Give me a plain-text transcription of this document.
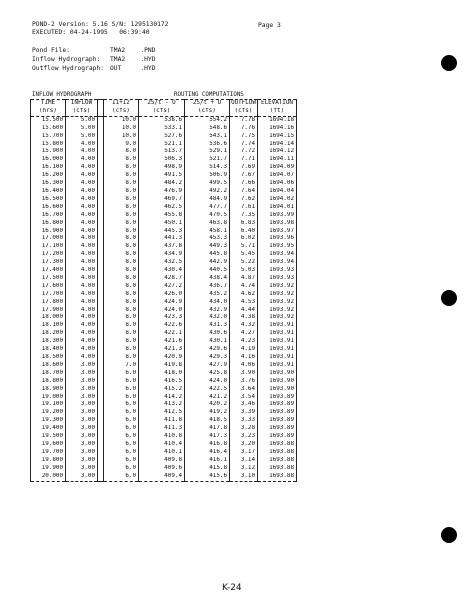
POND-2 Version: 5.16 S/N: 1295130172
EXECUTED: 04-24-1995   06:39:40
Page 3
Pond File:	TMA2    .PND
Inflow Hydrograph: TMA2    .HYD
Outflow Hydrograph: OUT     .HYD
INFLOW HYDROGRAPH	ROUTING COMPUTATIONS
TIME	INFLOW		I1+I2	2S/t - O	2S/t + O	OUTFLOW	ELEVATION
(hrs)	(cfs)		(cfs)	(cfs)	(cfs)	(cfs)	(ft)
15.500	5.00		10.0	538.6	554.2	7.78	1694.18
15.600	5.00		10.0	533.1	548.6	7.76	1694.16
15.700	5.00		10.0	527.6	543.1	7.75	1694.15
15.800	4.00		9.0	521.1	536.6	7.74	1694.14
15.900	4.00		8.0	513.7	529.1	7.72	1694.12
16.000	4.00		8.0	506.3	521.7	7.71	1694.11
16.100	4.00		8.0	498.9	514.3	7.69	1694.09
16.200	4.00		8.0	491.5	506.9	7.67	1694.07
16.300	4.00		8.0	484.2	499.5	7.66	1694.06
16.400	4.00		8.0	476.9	492.2	7.64	1694.04
16.500	4.00		8.0	469.7	484.9	7.62	1694.02
16.600	4.00		8.0	462.5	477.7	7.61	1694.01
16.700	4.00		8.0	455.8	470.5	7.35	1693.99
16.800	4.00		8.0	450.1	463.8	6.83	1693.98
16.900	4.00		8.0	445.3	458.1	6.40	1693.97
17.000	4.00		8.0	441.3	453.3	6.02	1693.96
17.100	4.00		8.0	437.8	449.3	5.71	1693.95
17.200	4.00		8.0	434.9	445.8	5.45	1693.94
17.300	4.00		8.0	432.5	442.9	5.22	1693.94
17.400	4.00		8.0	430.4	440.5	5.03	1693.93
17.500	4.00		8.0	428.7	438.4	4.87	1693.93
17.600	4.00		8.0	427.2	436.7	4.74	1693.92
17.700	4.00		8.0	426.0	435.2	4.62	1693.92
17.800	4.00		8.0	424.9	434.0	4.53	1693.92
17.900	4.00		8.0	424.0	432.9	4.44	1693.92
18.000	4.00		8.0	423.3	432.0	4.38	1693.92
18.100	4.00		8.0	422.6	431.3	4.32	1693.91
18.200	4.00		8.0	422.1	430.6	4.27	1693.91
18.300	4.00		8.0	421.6	430.1	4.23	1693.91
18.400	4.00		8.0	421.3	429.6	4.19	1693.91
18.500	4.00		8.0	420.9	429.3	4.16	1693.91
18.600	3.00		7.0	419.8	427.9	4.06	1693.91
18.700	3.00		6.0	418.0	425.8	3.90	1693.90
18.800	3.00		6.0	416.5	424.0	3.76	1693.90
18.900	3.00		6.0	415.2	422.5	3.64	1693.90
19.000	3.00		6.0	414.2	421.2	3.54	1693.89
19.100	3.00		6.0	413.2	420.2	3.46	1693.89
19.200	3.00		6.0	412.5	419.2	3.39	1693.89
19.300	3.00		6.0	411.8	418.5	3.33	1693.89
19.400	3.00		6.0	411.3	417.8	3.28	1693.89
19.500	3.00		6.0	410.8	417.3	3.23	1693.89
19.600	3.00		6.0	410.4	416.8	3.20	1693.88
19.700	3.00		6.0	410.1	416.4	3.17	1693.88
19.800	3.00		6.0	409.8	416.1	3.14	1693.88
19.900	3.00		6.0	409.6	415.8	3.12	1693.88
20.000	3.00		6.0	409.4	415.6	3.10	1693.88
K-24
